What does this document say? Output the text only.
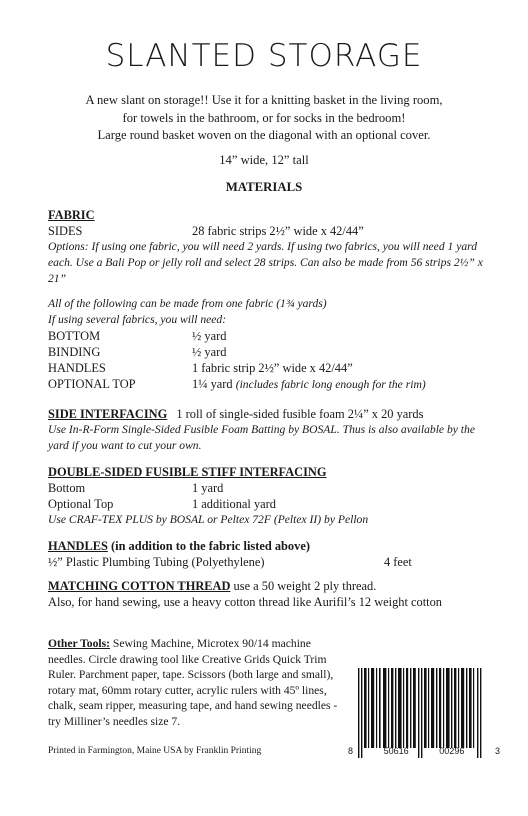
SLANTED STORAGE
A new slant on storage!! Use it for a knitting basket in the living room,
for towels in the bathroom, or for socks in the bedroom!
Large round basket woven on the diagonal with an optional cover.
14” wide, 12” tall
MATERIALS
FABRIC
SIDES	28 fabric strips 2½” wide x 42/44”
Options: If using one fabric, you will need 2 yards. If using two fabrics, you will need 1 yard each. Use a Bali Pop or jelly roll and select 28 strips. Can also be made from 56 strips 2½” x 21”
All of the following can be made from one fabric (1¾ yards)
If using several fabrics, you will need:
BOTTOM	½ yard
BINDING	½ yard
HANDLES	1 fabric strip 2½” wide x 42/44”
OPTIONAL TOP	1¼ yard (includes fabric long enough for the rim)
SIDE INTERFACING 1 roll of single-sided fusible foam 2¼” x 20 yards
Use In-R-Form Single-Sided Fusible Foam Batting by BOSAL. Thus is also available by the yard if you want to cut your own.
DOUBLE-SIDED FUSIBLE STIFF INTERFACING
Bottom	1 yard
Optional Top	1 additional yard
Use CRAF-TEX PLUS by BOSAL or Peltex 72F (Peltex II) by Pellon
HANDLES (in addition to the fabric listed above)
½” Plastic Plumbing Tubing (Polyethylene)	4 feet
MATCHING COTTON THREAD use a 50 weight 2 ply thread.
Also, for hand sewing, use a heavy cotton thread like Aurifil’s 12 weight cotton
Other Tools: Sewing Machine, Microtex 90/14 machine needles. Circle drawing tool like Creative Grids Quick Trim Ruler. Parchment paper, tape. Scissors (both large and small), rotary mat, 60mm rotary cutter, acrylic rulers with 45º lines, chalk, seam ripper, measuring tape, and hand sewing needles - try Milliner’s needles size 7.
8	50616	00296	3
Printed in Farmington, Maine USA by Franklin Printing
